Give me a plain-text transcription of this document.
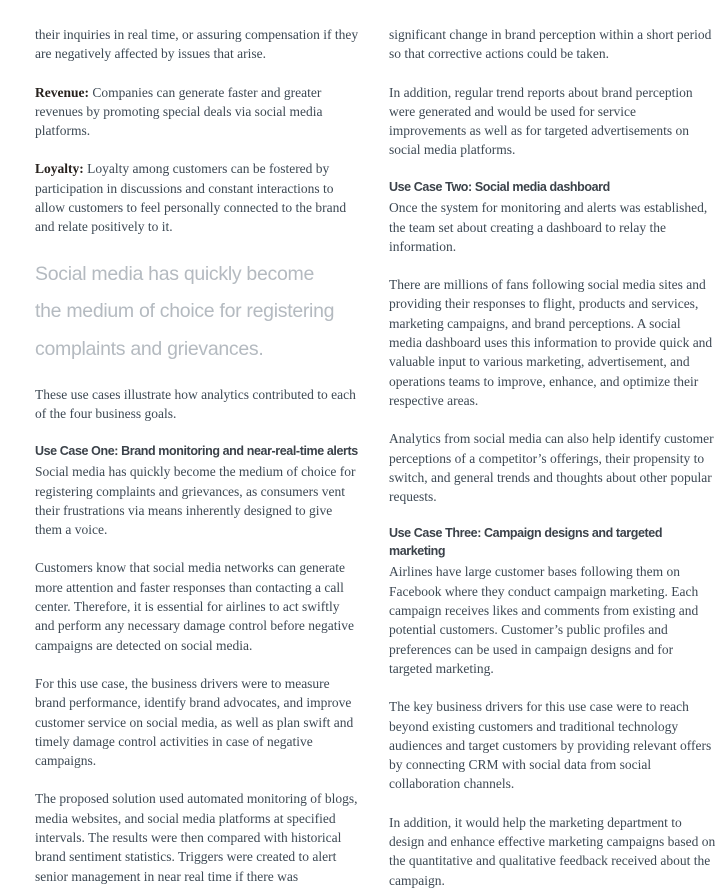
their inquiries in real time, or assuring compensation if they are negatively affected by issues that arise.

Revenue: Companies can generate faster and greater revenues by promoting special deals via social media platforms.

Loyalty: Loyalty among customers can be fostered by participation in discussions and constant interactions to allow customers to feel personally connected to the brand and relate positively to it.

Social media has quickly become
the medium of choice for registering
complaints and grievances.

These use cases illustrate how analytics contributed to each of the four business goals.

Use Case One: Brand monitoring and near-real-time alerts

Social media has quickly become the medium of choice for registering complaints and grievances, as consumers vent their frustrations via means inherently designed to give them a voice.

Customers know that social media networks can generate more attention and faster responses than contacting a call center. Therefore, it is essential for airlines to act swiftly and perform any necessary damage control before negative campaigns are detected on social media.

For this use case, the business drivers were to measure brand performance, identify brand advocates, and improve customer service on social media, as well as plan swift and timely damage control activities in case of negative campaigns.

The proposed solution used automated monitoring of blogs, media websites, and social media platforms at specified intervals. The results were then compared with historical brand sentiment statistics. Triggers were created to alert senior management in near real time if there was

significant change in brand perception within a short period so that corrective actions could be taken.

In addition, regular trend reports about brand perception were generated and would be used for service improvements as well as for targeted advertisements on social media platforms.

Use Case Two: Social media dashboard

Once the system for monitoring and alerts was established, the team set about creating a dashboard to relay the information.

There are millions of fans following social media sites and providing their responses to flight, products and services, marketing campaigns, and brand perceptions. A social media dashboard uses this information to provide quick and valuable input to various marketing, advertisement, and operations teams to improve, enhance, and optimize their respective areas.

Analytics from social media can also help identify customer perceptions of a competitor’s offerings, their propensity to switch, and general trends and thoughts about other popular requests.

Use Case Three: Campaign designs and targeted
marketing

Airlines have large customer bases following them on Facebook where they conduct campaign marketing. Each campaign receives likes and comments from existing and potential customers. Customer’s public profiles and preferences can be used in campaign designs and for targeted marketing.

The key business drivers for this use case were to reach beyond existing customers and traditional technology audiences and target customers by providing relevant offers by connecting CRM with social data from social collaboration channels.

In addition, it would help the marketing department to design and enhance effective marketing campaigns based on the quantitative and qualitative feedback received about the campaign.
